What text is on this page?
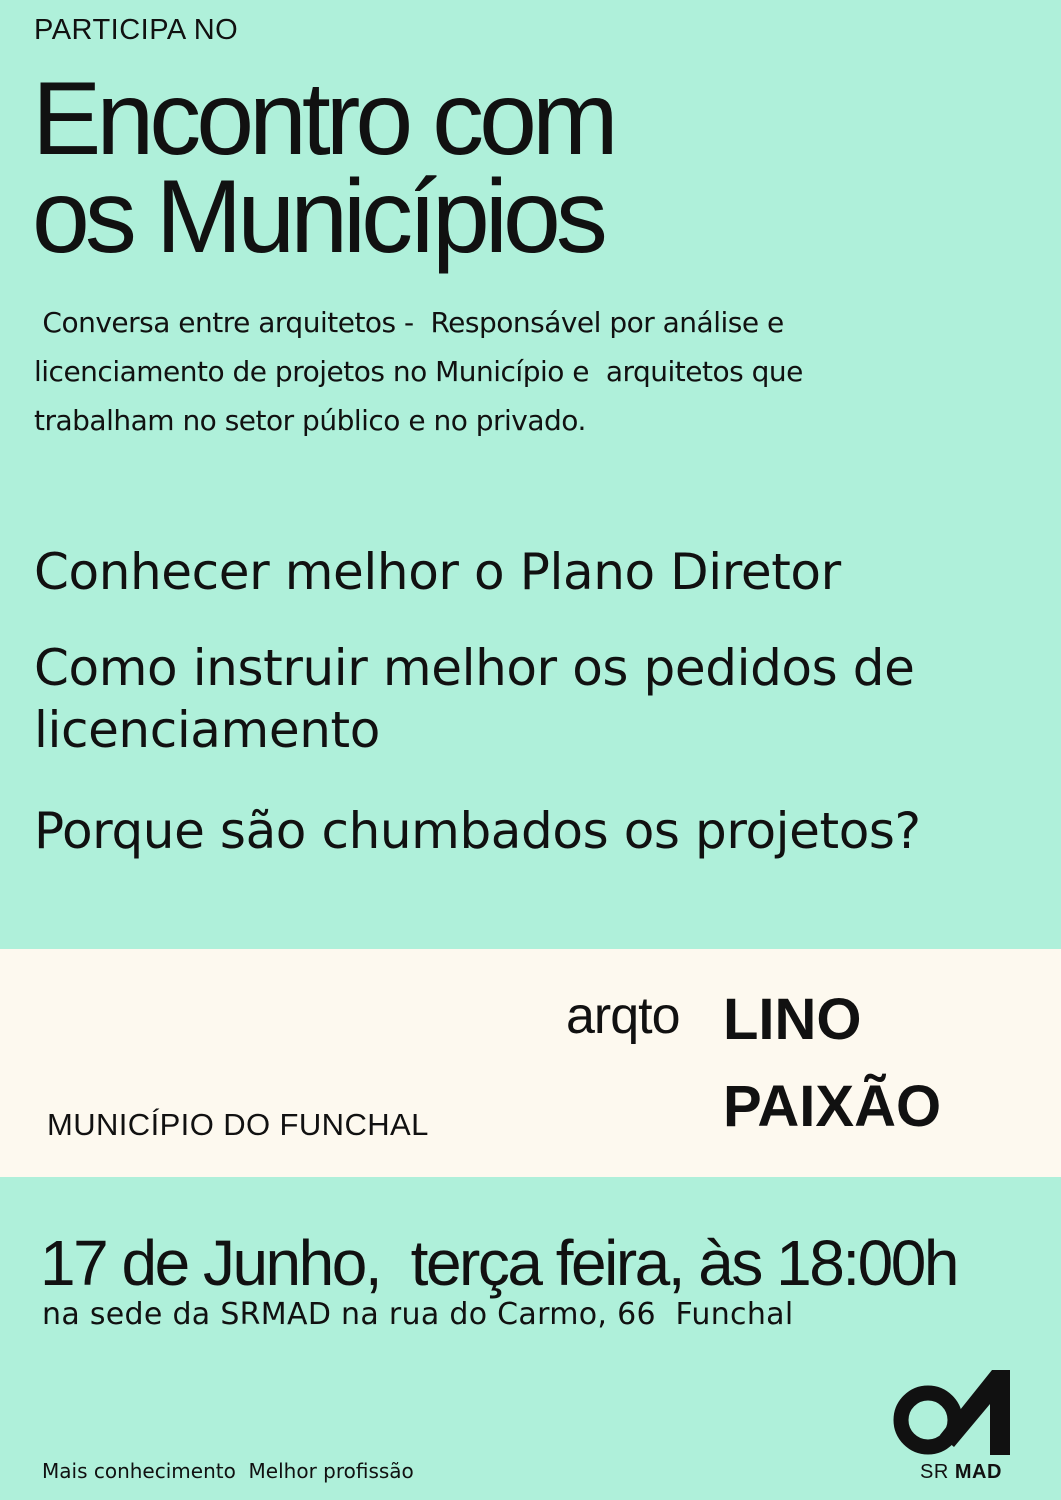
PARTICIPA NO
Encontro com
os Municípios
Conversa entre arquitetos -  Responsável por análise e
licenciamento de projetos no Município e  arquitetos que
trabalham no setor público e no privado.
Conhecer melhor o Plano Diretor
Como instruir melhor os pedidos de
licenciamento
Porque são chumbados os projetos?
MUNICÍPIO DO FUNCHAL
arqto LINO
PAIXÃO
17 de Junho,  terça feira, às 18:00h
na sede da SRMAD na rua do Carmo, 66  Funchal
Mais conhecimento  Melhor profissão	SR MAD
